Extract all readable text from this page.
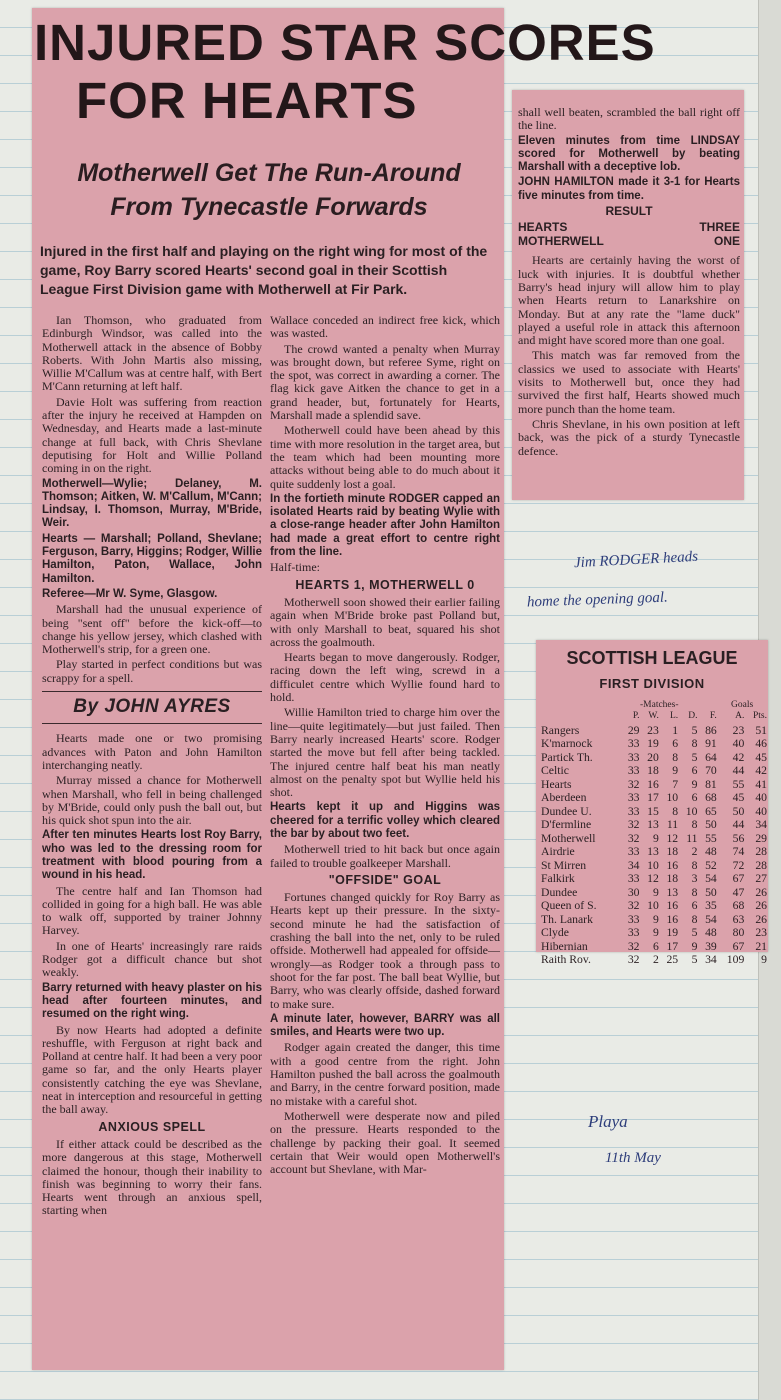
INJURED STAR SCORES
FOR HEARTS
Motherwell Get The Run-Around
From Tynecastle Forwards

Injured in the first half and playing on the right wing for most of the game, Roy Barry scored Hearts' second goal in their Scottish League First Division game with Motherwell at Fir Park.

Ian Thomson, who graduated from Edinburgh Windsor, was called into the Motherwell attack in the absence of Bobby Roberts. With John Martis also missing, Willie M'Callum was at centre half, with Bert M'Cann returning at left half.

Davie Holt was suffering from reaction after the injury he received at Hampden on Wednesday, and Hearts made a last-minute change at full back, with Chris Shevlane deputising for Holt and Willie Polland coming in on the right.

Motherwell—Wylie; Delaney, M. Thomson; Aitken, W. M'Callum, M'Cann; Lindsay, I. Thomson, Murray, M'Bride, Weir.

Hearts — Marshall; Polland, Shevlane; Ferguson, Barry, Higgins; Rodger, Willie Hamilton, Paton, Wallace, John Hamilton.

Referee—Mr W. Syme, Glasgow.

Marshall had the unusual experience of being "sent off" before the kick-off—to change his yellow jersey, which clashed with Motherwell's strip, for a green one.

Play started in perfect conditions but was scrappy for a spell.

By JOHN AYRES

Hearts made one or two promising advances with Paton and John Hamilton interchanging neatly.

Murray missed a chance for Motherwell when Marshall, who fell in being challenged by M'Bride, could only push the ball out, but his quick shot spun into the air.

After ten minutes Hearts lost Roy Barry, who was led to the dressing room for treatment with blood pouring from a wound in his head.

The centre half and Ian Thomson had collided in going for a high ball. He was able to walk off, supported by trainer Johnny Harvey.

In one of Hearts' increasingly rare raids Rodger got a difficult chance but shot weakly.

Barry returned with heavy plaster on his head after fourteen minutes, and resumed on the right wing.

By now Hearts had adopted a definite reshuffle, with Ferguson at right back and Polland at centre half. It had been a very poor game so far, and the only Hearts player consistently catching the eye was Shevlane, neat in interception and resourceful in getting the ball away.

ANXIOUS SPELL

If either attack could be described as the more dangerous at this stage, Motherwell claimed the honour, though their inability to finish was beginning to worry their fans. Hearts went through an anxious spell, starting when

Wallace conceded an indirect free kick, which was wasted.

The crowd wanted a penalty when Murray was brought down, but referee Syme, right on the spot, was correct in awarding a corner. The flag kick gave Aitken the chance to get in a grand header, but, fortunately for Hearts, Marshall made a splendid save.

Motherwell could have been ahead by this time with more resolution in the target area, but the team which had been mounting more attacks without being able to do much about it quite suddenly lost a goal.

In the fortieth minute RODGER capped an isolated Hearts raid by beating Wylie with a close-range header after John Hamilton had made a great effort to centre right from the line.

Half-time:

HEARTS 1, MOTHERWELL 0

Motherwell soon showed their earlier failing again when M'Bride broke past Polland but, with only Marshall to beat, squared his shot across the goalmouth.

Hearts began to move dangerously. Rodger, racing down the left wing, screwd in a difficulet centre which Wyllie found hard to hold.

Willie Hamilton tried to charge him over the line—quite legitimately—but just failed. Then Barry nearly increased Hearts' score. Rodger started the move but fell after being tackled. The injured centre half beat his man neatly almost on the penalty spot but Wyllie held his shot.

Hearts kept it up and Higgins was cheered for a terrific volley which cleared the bar by about two feet.

Motherwell tried to hit back but once again failed to trouble goalkeeper Marshall.

"OFFSIDE" GOAL

Fortunes changed quickly for Roy Barry as Hearts kept up their pressure. In the sixty-second minute he had the satisfaction of crashing the ball into the net, only to be ruled offside. Motherwell had appealed for offside—wrongly—as Rodger took a through pass to shoot for the far post. The ball beat Wyllie, but Barry, who was clearly offside, dashed forward to make sure.

A minute later, however, BARRY was all smiles, and Hearts were two up.

Rodger again created the danger, this time with a good centre from the right. John Hamilton pushed the ball across the goalmouth and Barry, in the centre forward position, made no mistake with a careful shot.

Motherwell were desperate now and piled on the pressure. Hearts responded to the challenge by packing their goal. It seemed certain that Weir would open Motherwell's account but Shevlane, with Mar-

shall well beaten, scrambled the ball right off the line.

Eleven minutes from time LINDSAY scored for Motherwell by beating Marshall with a deceptive lob.

JOHN HAMILTON made it 3-1 for Hearts five minutes from time.

RESULT
HEARTS	THREE
MOTHERWELL	ONE

Hearts are certainly having the worst of luck with injuries. It is doubtful whether Barry's head injury will allow him to play when Hearts return to Lanarkshire on Monday. But at any rate the "lame duck" played a useful role in attack this afternoon and might have scored more than one goal.

This match was far removed from the classics we used to associate with Hearts' visits to Motherwell but, once they had survived the first half, Hearts showed much more punch than the home team.

Chris Shevlane, in his own position at left back, was the pick of a sturdy Tynecastle defence.

Jim RODGER heads
home the opening goal.
Playa
11th May
SCOTTISH LEAGUE
FIRST DIVISION
-Matches-	Goals
	P.	W.	L.	D.	F.	A.	Pts.
Rangers	29	23	1	5	86	23	51
K'marnock	33	19	6	8	91	40	46
Partick Th.	33	20	8	5	64	42	45
Celtic	33	18	9	6	70	44	42
Hearts	32	16	7	9	81	55	41
Aberdeen	33	17	10	6	68	45	40
Dundee U.	33	15	8	10	65	50	40
D'fermline	32	13	11	8	50	44	34
Motherwell	32	9	12	11	55	56	29
Airdrie	33	13	18	2	48	74	28
St Mirren	34	10	16	8	52	72	28
Falkirk	33	12	18	3	54	67	27
Dundee	30	9	13	8	50	47	26
Queen of S.	32	10	16	6	35	68	26
Th. Lanark	33	9	16	8	54	63	26
Clyde	33	9	19	5	48	80	23
Hibernian	32	6	17	9	39	67	21
Raith Rov.	32	2	25	5	34	109	9
